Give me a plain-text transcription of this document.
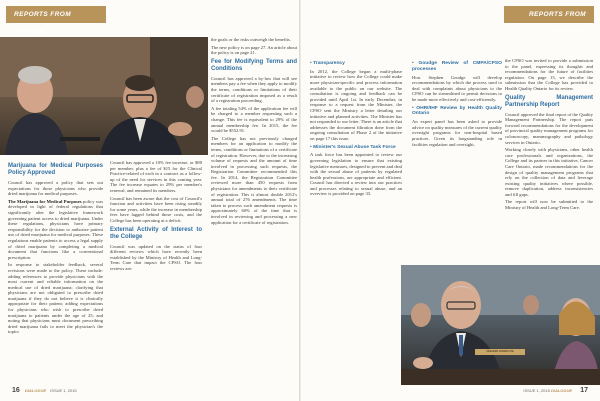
REPORTS FROM COUNCIL
Marijuana for Medical Purposes Policy Approved

Council has approved a policy that sets out expectations for those physicians who provide dried marijuana for medical purposes.

The Marijuana for Medical Purposes policy was developed in light of federal regulations that significantly alter the legislative framework governing patient access to dried marijuana. Under these regulations, physicians have primary responsibility for the decision to authorize patient use of dried marijuana for medical purposes. These regulations enable patients to access a legal supply of dried marijuana by completing a medical document that functions like a conventional prescription.

In response to stakeholder feedback, several revisions were made to the policy. These include: adding references to provide physicians with the most current and reliable information on the medical use of dried marijuana; clarifying that physicians are not obligated to prescribe dried marijuana if they do not believe it is clinically appropriate for their patient; adding expectations for physicians who wish to prescribe dried marijuana to patients under the age of 25; and noting that physicians must document prescribing dried marijuana fails to meet the physician's the topics

Council has approved a 10% fee increase, or $80 per member, plus a fee of $15 for the Clinical Practice-related of each in a contract as a follow-up of the need for services in this coming year. The fee increase equates to 29% per member's renewal, and remained its members.

Council has been aware that the cost of Council's function and activities have been rising steadily for some years, while the increase in membership fees have lagged behind those costs, and the College has been operating at a deficit.

External Activity of Interest to the College

Council was updated on the status of four different reviews which have recently been established by the Ministry of Health and Long-Term Care that impact the CPSO. The four reviews are:

the goals or the risks outweigh the benefits.

The new policy is on page 27. An article about the policy is on page 21.

Fee for Modifying Terms and Conditions

Council has approved a by-law that will see members pay a fee when they apply to modify the terms, conditions or limitations of their certificate of registration imposed as a result of a registration proceeding.

A fee totaling 54% of the application fee will be charged to a member requesting such a change. This fee is equivalent to 29% of the annual membership fee. In 2015, the fee would be $552.91.

The College has not previously charged members for an application to modify the terms, conditions or limitations of a certificate of registration. However, due to the increasing volume of requests and the amount of time involved in processing such requests, the Registration Committee recommended this fee. In 2014, the Registration Committee reviewed more than 450 requests from physicians for amendments to their certificate of registration. This is almost double 2012's annual total of 276 amendments. The time taken to process such amendment requests is approximately 60% of the time that is involved in reviewing and processing a new application for a certificate of registration.

16 DIALOGUE ISSUE 1, 2015
REPORTS FROM COUNCIL
• Transparency

In 2012, the College began a multi-phase initiative to review how the College could make more physician-specific and process information available to the public on our website. The consultation is ongoing and feedback can be provided until April 1st. In early December, in response to a request from the Minister, the CPSO sent the Ministry a letter detailing our initiative and planned activities. The Minister has not responded to our letter. There is an article that addresses the document filtration done from the ongoing consultation of Phase 2 of the initiative on page 17 this issue.

• Minister's Sexual Abuse Task Force

A task force has been appointed to review our governing legislation to ensure that existing legislative measures, designed to prevent and deal with the sexual abuse of patients by regulated health professions, are appropriate and efficient. Council has directed a review into our practices and processes relating to sexual abuse, and an overview is provided on page 33.

• Goudge Review of CMPA/CPSO processes

Hon. Stephen Goudge will develop recommendations by which the process used to deal with complaints about physicians to the CPSO can be streamlined to permit decisions to be made more effectively and cost-efficiently.

• OHRI/IHF Review by Health Quality Ontario

An expert panel has been asked to provide advice on quality measures of the current quality oversight programs for non-hospital based practices. Given its longstanding role in facilities regulation and oversight,

the CPSO was invited to provide a submission to the panel, expressing its thoughts and recommendations for the future of facilities regulation. On page 15, we describe the submission that the College has provided to Health Quality Ontario for its review.

Quality Management Partnership Report

Council approved the final report of the Quality Management Partnership. The report puts forward recommendations for the development of provincial quality management programs for colonoscopy, mammography and pathology services in Ontario.

Working closely with physicians, other health care professionals and organizations, the College and its partner in this initiative, Cancer Care Ontario, made recommendations for the design of quality management programs that rely on the collection of data and leverage existing quality initiatives where possible, remove duplication, address inconsistencies and fill gaps.

The report will now be submitted to the Ministry of Health and Long-Term Care.

ISSUE 1, 2015 DIALOGUE 17
SPEAKER NAMEPLATE
